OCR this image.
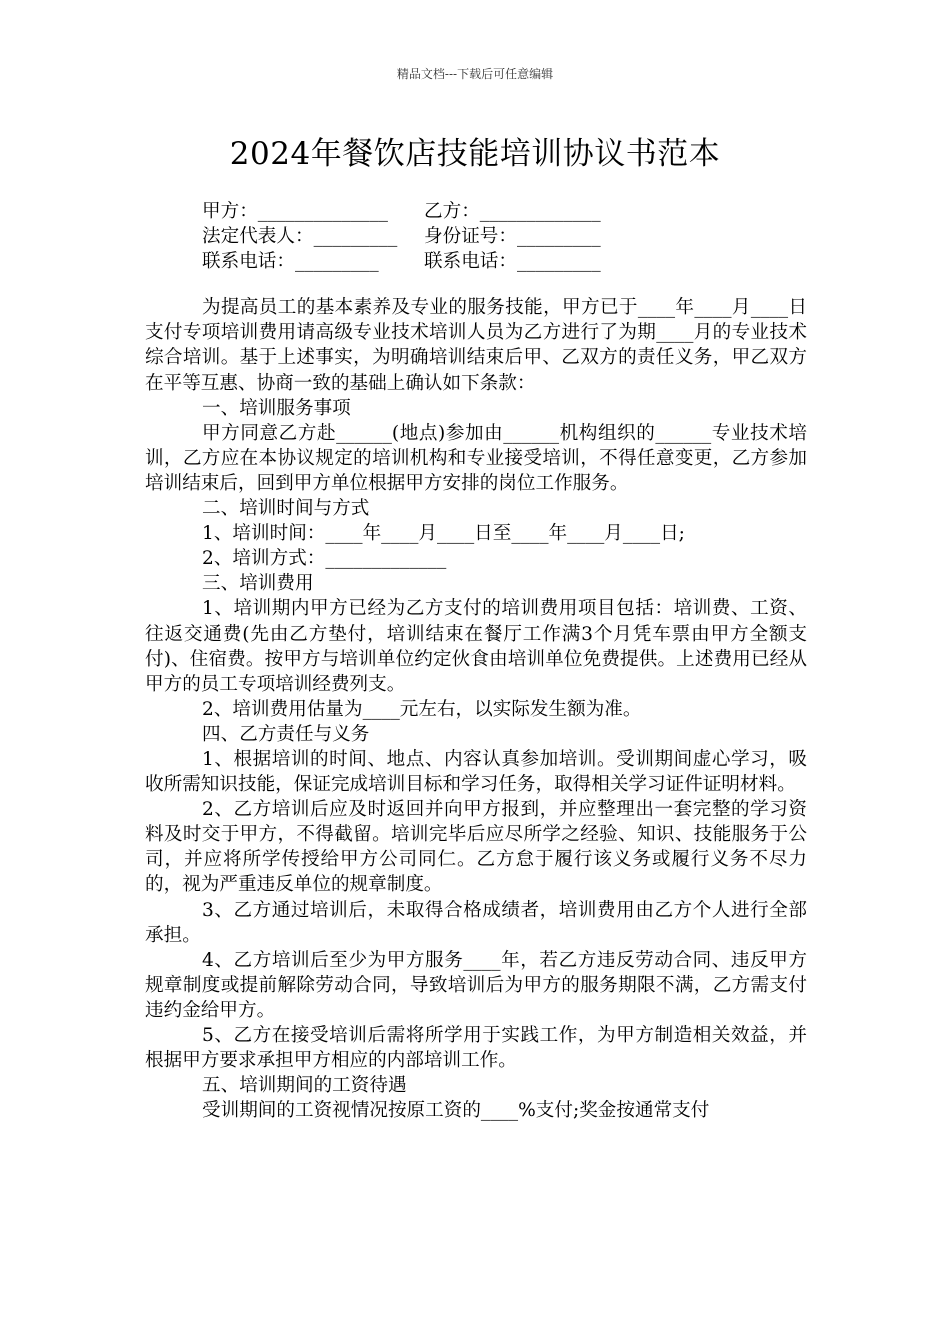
精品文档---下载后可任意编辑
2024年餐饮店技能培训协议书范本
甲方：______________ 乙方：_____________
法定代表人：_________ 身份证号：_________
联系电话：_________ 联系电话：_________

为提高员工的基本素养及专业的服务技能，甲方已于____年____月____日支付专项培训费用请高级专业技术培训人员为乙方进行了为期____月的专业技术综合培训。基于上述事实，为明确培训结束后甲、乙双方的责任义务，甲乙双方在平等互惠、协商一致的基础上确认如下条款：

一、培训服务事项

甲方同意乙方赴______(地点)参加由______机构组织的______专业技术培训，乙方应在本协议规定的培训机构和专业接受培训，不得任意变更，乙方参加培训结束后，回到甲方单位根据甲方安排的岗位工作服务。

二、培训时间与方式

1、培训时间：____年____月____日至____年____月____日;

2、培训方式：_____________

三、培训费用

1、培训期内甲方已经为乙方支付的培训费用项目包括：培训费、工资、往返交通费(先由乙方垫付，培训结束在餐厅工作满3个月凭车票由甲方全额支付)、住宿费。按甲方与培训单位约定伙食由培训单位免费提供。上述费用已经从甲方的员工专项培训经费列支。

2、培训费用估量为____元左右，以实际发生额为准。

四、乙方责任与义务

1、根据培训的时间、地点、内容认真参加培训。受训期间虚心学习，吸收所需知识技能，保证完成培训目标和学习任务，取得相关学习证件证明材料。

2、乙方培训后应及时返回并向甲方报到，并应整理出一套完整的学习资料及时交于甲方，不得截留。培训完毕后应尽所学之经验、知识、技能服务于公司，并应将所学传授给甲方公司同仁。乙方怠于履行该义务或履行义务不尽力的，视为严重违反单位的规章制度。

3、乙方通过培训后，未取得合格成绩者，培训费用由乙方个人进行全部承担。

4、乙方培训后至少为甲方服务____年，若乙方违反劳动合同、违反甲方规章制度或提前解除劳动合同，导致培训后为甲方的服务期限不满，乙方需支付违约金给甲方。

5、乙方在接受培训后需将所学用于实践工作，为甲方制造相关效益，并根据甲方要求承担甲方相应的内部培训工作。

五、培训期间的工资待遇

受训期间的工资视情况按原工资的____%支付;奖金按通常支付
